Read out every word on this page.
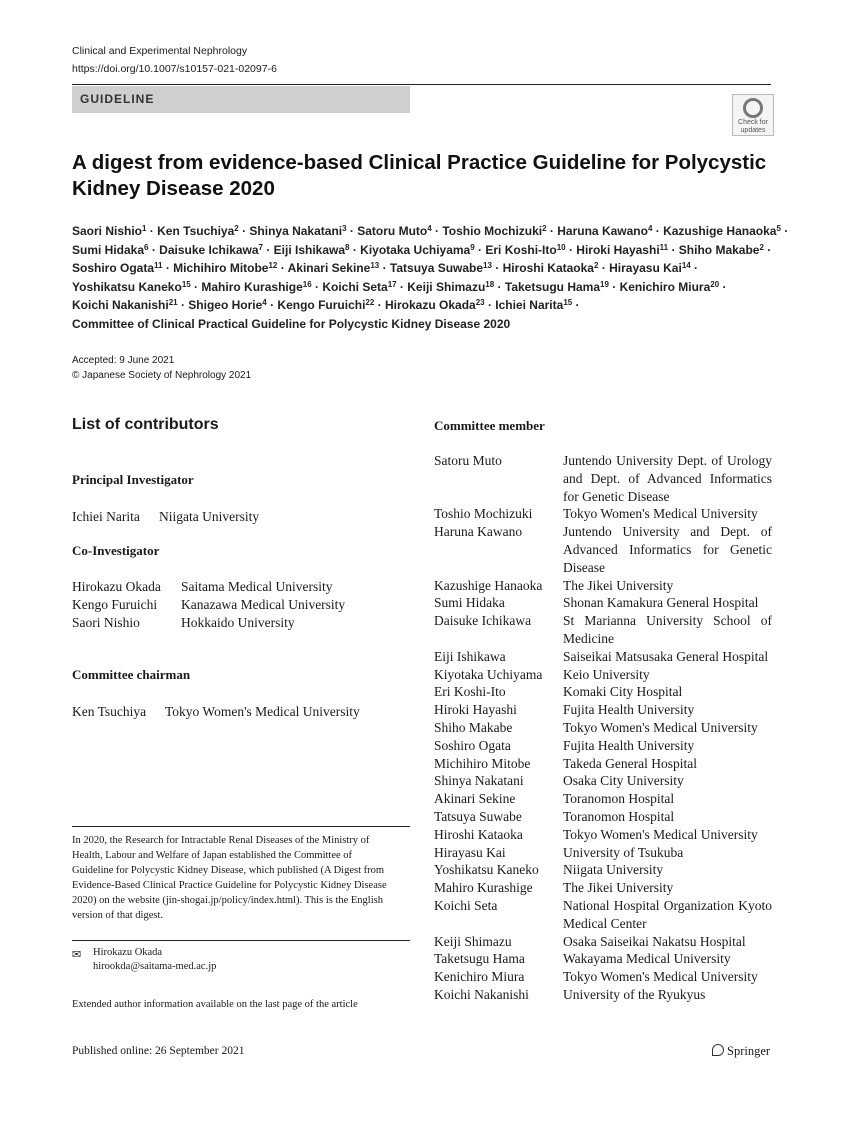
Clinical and Experimental Nephrology
https://doi.org/10.1007/s10157-021-02097-6
GUIDELINE
Check for
updates
A digest from evidence-based Clinical Practice Guideline for Polycystic Kidney Disease 2020
Saori Nishio$^1$ · Ken Tsuchiya$^2$ · Shinya Nakatani$^3$ · Satoru Muto$^4$ · Toshio Mochizuki$^2$ · Haruna Kawano$^4$ · Kazushige Hanaoka$^5$ · Sumi Hidaka$^6$ · Daisuke Ichikawa$^7$ · Eiji Ishikawa$^8$ · Kiyotaka Uchiyama$^9$ · Eri Koshi-Ito$^{10}$ · Hiroki Hayashi$^{11}$ · Shiho Makabe$^2$ · Soshiro Ogata$^{11}$ · Michihiro Mitobe$^{12}$ · Akinari Sekine$^{13}$ · Tatsuya Suwabe$^{13}$ · Hiroshi Kataoka$^2$ · Hirayasu Kai$^{14}$ · Yoshikatsu Kaneko$^{15}$ · Mahiro Kurashige$^{16}$ · Koichi Seta$^{17}$ · Keiji Shimazu$^{18}$ · Taketsugu Hama$^{19}$ · Kenichiro Miura$^{20}$ · Koichi Nakanishi$^{21}$ · Shigeo Horie$^4$ · Kengo Furuichi$^{22}$ · Hirokazu Okada$^{23}$ · Ichiei Narita$^{15}$ · Committee of Clinical Practical Guideline for Polycystic Kidney Disease 2020
Accepted: 9 June 2021
© Japanese Society of Nephrology 2021
List of contributors
Principal Investigator
Ichiei Narita Niigata University
Co-Investigator
Hirokazu Okada Saitama Medical University
Kengo Furuichi Kanazawa Medical University
Saori Nishio	Hokkaido University
Committee chairman
Ken Tsuchiya Tokyo Women's Medical University
In 2020, the Research for Intractable Renal Diseases of the Ministry of Health, Labour and Welfare of Japan established the Committee of Guideline for Polycystic Kidney Disease, which published (A Digest from Evidence-Based Clinical Practice Guideline for Polycystic Kidney Disease 2020) on the website (jin-shogai.jp/policy/index.html). This is the English version of that digest.
✉ Hirokazu Okada
hirookda@saitama-med.ac.jp
Extended author information available on the last page of the article
Published online: 26 September 2021	Springer
Committee member
Satoru Muto	Juntendo University Dept. of Urology and Dept. of Advanced Informatics for Genetic Disease
Toshio Mochizuki Tokyo Women's Medical University
Haruna Kawano	Juntendo University and Dept. of Advanced Informatics for Genetic Disease
Kazushige Hanaoka The Jikei University
Sumi Hidaka	Shonan Kamakura General Hospital
Daisuke Ichikawa St Marianna University School of Medicine
Eiji Ishikawa	Saiseikai Matsusaka General Hospital
Kiyotaka Uchiyama Keio University
Eri Koshi-Ito	Komaki City Hospital
Hiroki Hayashi	Fujita Health University
Shiho Makabe	Tokyo Women's Medical University
Soshiro Ogata	Fujita Health University
Michihiro Mitobe Takeda General Hospital
Shinya Nakatani	Osaka City University
Akinari Sekine	Toranomon Hospital
Tatsuya Suwabe	Toranomon Hospital
Hiroshi Kataoka	Tokyo Women's Medical University
Hirayasu Kai	University of Tsukuba
Yoshikatsu Kaneko Niigata University
Mahiro Kurashige The Jikei University
Koichi Seta	National Hospital Organization Kyoto Medical Center
Keiji Shimazu	Osaka Saiseikai Nakatsu Hospital
Taketsugu Hama	Wakayama Medical University
Kenichiro Miura	Tokyo Women's Medical University
Koichi Nakanishi	University of the Ryukyus
